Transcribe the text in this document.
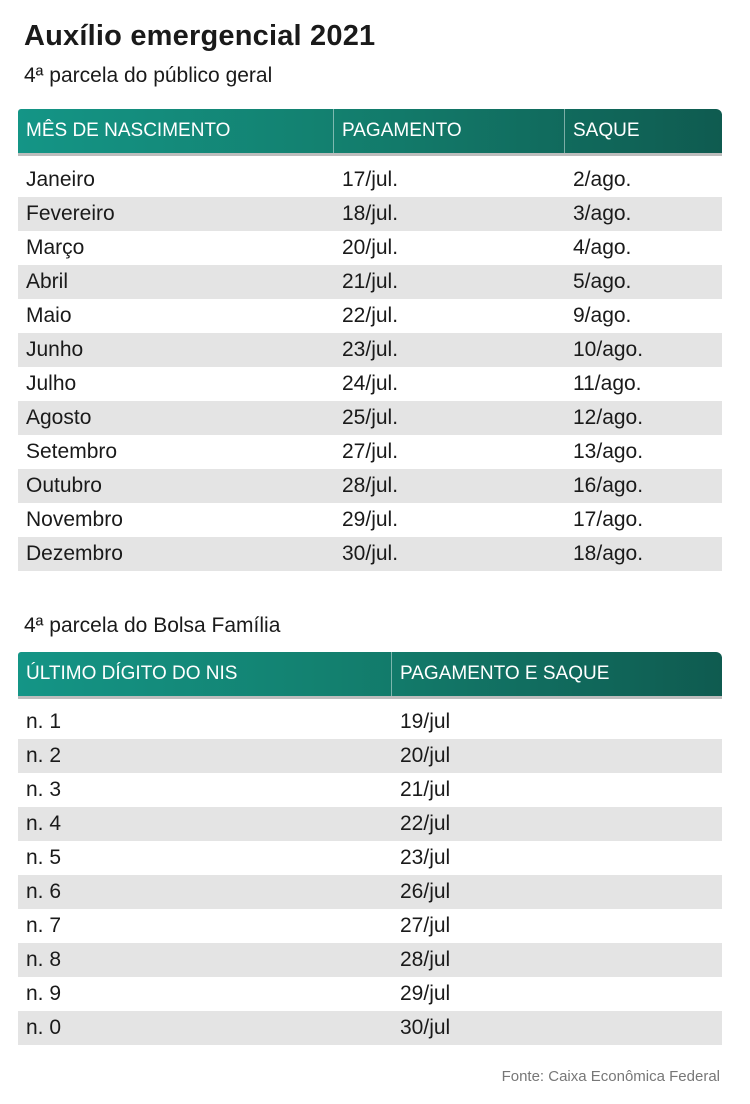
Auxílio emergencial 2021
4ª parcela do público geral
MÊS DE NASCIMENTO	PAGAMENTO	SAQUE
Janeiro	17/jul.	2/ago.
Fevereiro	18/jul.	3/ago.
Março	20/jul.	4/ago.
Abril	21/jul.	5/ago.
Maio	22/jul.	9/ago.
Junho	23/jul.	10/ago.
Julho	24/jul.	11/ago.
Agosto	25/jul.	12/ago.
Setembro	27/jul.	13/ago.
Outubro	28/jul.	16/ago.
Novembro	29/jul.	17/ago.
Dezembro	30/jul.	18/ago.
4ª parcela do Bolsa Família
ÚLTIMO DÍGITO DO NIS	PAGAMENTO E SAQUE
n. 1	19/jul
n. 2	20/jul
n. 3	21/jul
n. 4	22/jul
n. 5	23/jul
n. 6	26/jul
n. 7	27/jul
n. 8	28/jul
n. 9	29/jul
n. 0	30/jul
Fonte: Caixa Econômica Federal
